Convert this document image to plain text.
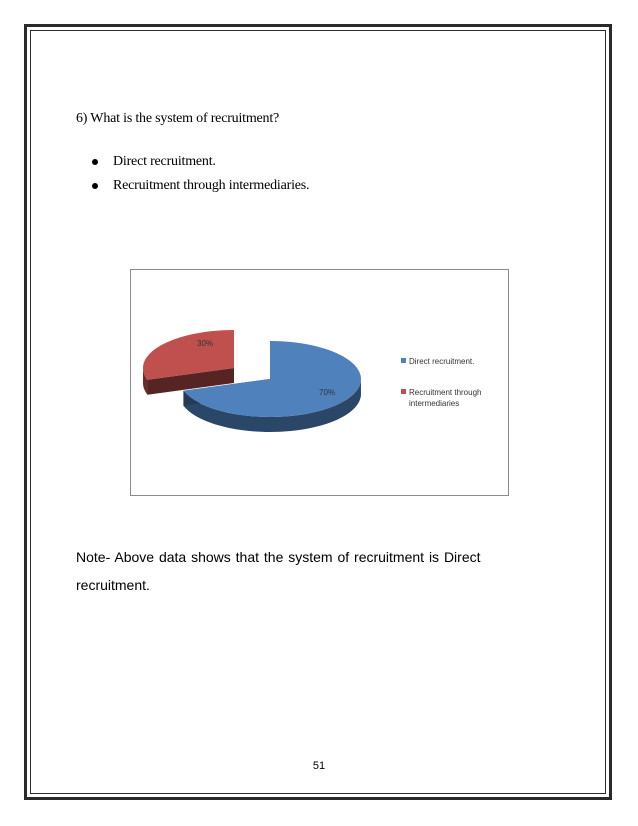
6) What is the system of recruitment?
Direct recruitment.
Recruitment through intermediaries.
70%
30%
Direct recruitment.
Recruitment through intermediaries
Note- Above data shows that the system of recruitment is Direct recruitment.
51
